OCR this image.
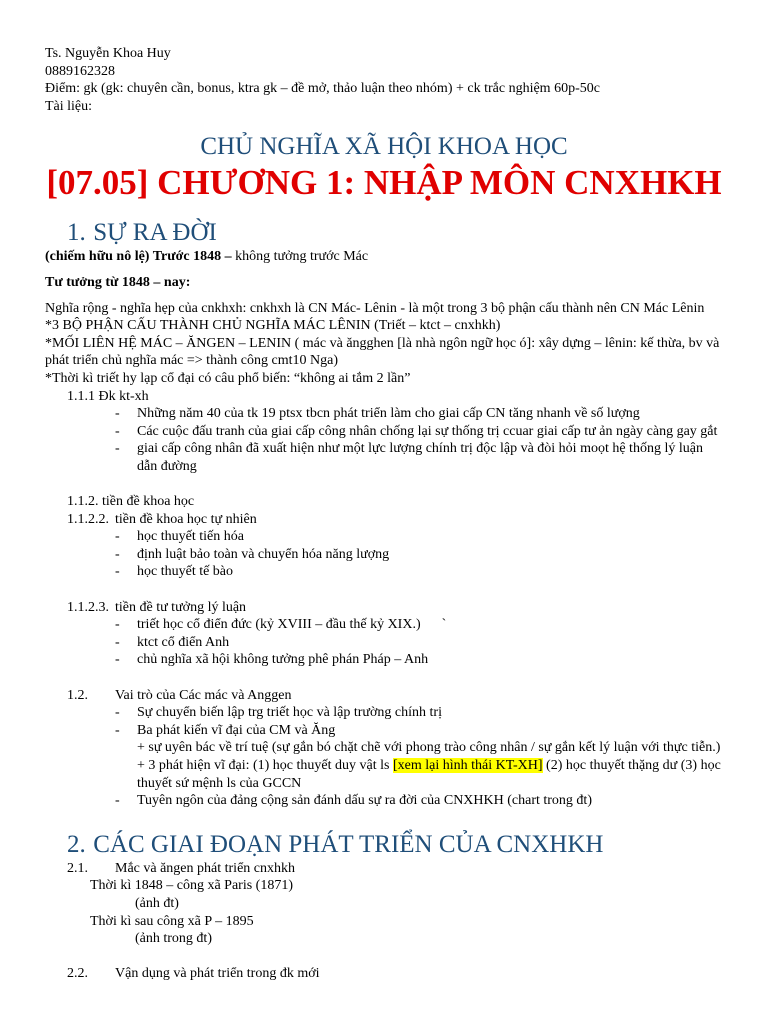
Ts. Nguyễn Khoa Huy
0889162328
Điểm: gk (gk: chuyên cần, bonus, ktra gk – đề mở, thảo luận theo nhóm) + ck trắc nghiệm 60p-50c
Tài liệu:
CHỦ NGHĨA XÃ HỘI KHOA HỌC
[07.05] CHƯƠNG 1: NHẬP MÔN CNXHKH
1. SỰ RA ĐỜI
(chiếm hữu nô lệ) Trước 1848 – không tưởng trước Mác
Tư tưởng từ 1848 – nay:
Nghĩa rộng - nghĩa hẹp của cnkhxh: cnkhxh là CN Mác- Lênin - là một trong 3 bộ phận cấu thành nên CN Mác Lênin
*3 BỘ PHẬN CẤU THÀNH CHỦ NGHĨA MÁC LÊNIN (Triết – ktct – cnxhkh)
*MỐI LIÊN HỆ MÁC – ĂNGEN – LENIN ( mác và ăngghen [là nhà ngôn ngữ học ó]: xây dựng – lênin: kế thừa, bv và phát triển chủ nghĩa mác => thành công cmt10 Nga)
*Thời kì triết hy lạp cổ đại có câu phổ biến: “không ai tắm 2 lần”
1.1.1 Đk kt-xh
- Những năm 40 của tk 19 ptsx tbcn phát triển làm cho giai cấp CN tăng nhanh về số lượng
- Các cuộc đấu tranh của giai cấp công nhân chống lại sự thống trị ccuar giai cấp tư ản ngày càng gay gắt
- giai cấp công nhân đã xuất hiện như một lực lượng chính trị độc lập và đòi hỏi moọt hệ thống lý luận dẫn đường
1.1.2. tiền đề khoa học
1.1.2.2. tiền đề khoa học tự nhiên
- học thuyết tiến hóa
- định luật bảo toàn và chuyển hóa năng lượng
- học thuyết tế bào
1.1.2.3. tiền đề tư tưởng lý luận
- triết học cổ điển đức (kỷ XVIII – đầu thế kỷ XIX.)      `
- ktct cổ điển Anh
- chủ nghĩa xã hội không tưởng phê phán Pháp – Anh
1.2. Vai trò của Các mác và Anggen
- Sự chuyển biến lập trg triết học và lập trường chính trị
- Ba phát kiến vĩ đại của CM và Ăng
+ sự uyên bác về trí tuệ (sự gắn bó chặt chẽ với phong trào công nhân / sự gắn kết lý luận với thực tiễn.)
+ 3 phát hiện vĩ đại: (1) học thuyết duy vật ls [xem lại hình thái KT-XH] (2) học thuyết thặng dư (3) học thuyết sứ mệnh ls của GCCN
- Tuyên ngôn của đảng cộng sản đánh dấu sự ra đời của CNXHKH (chart trong đt)
2. CÁC GIAI ĐOẠN PHÁT TRIỂN CỦA CNXHKH
2.1. Mắc và ăngen phát triển cnxhkh
Thời kì 1848 – công xã Paris (1871)
(ảnh đt)
Thời kì sau công xã P – 1895
(ảnh trong đt)
2.2. Vận dụng và phát triển trong đk mới
